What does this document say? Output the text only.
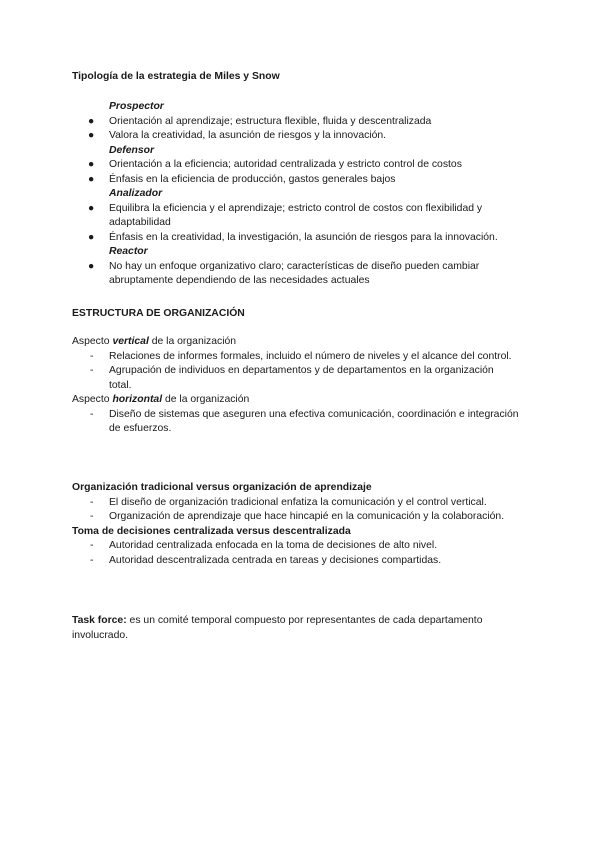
Tipología de la estrategia de Miles y Snow
Prospector
● Orientación al aprendizaje; estructura flexible, fluida y descentralizada
● Valora la creatividad, la asunción de riesgos y la innovación.
Defensor
● Orientación a la eficiencia; autoridad centralizada y estricto control de costos
● Énfasis en la eficiencia de producción, gastos generales bajos
Analizador
● Equilibra la eficiencia y el aprendizaje; estricto control de costos con flexibilidad y adaptabilidad
● Énfasis en la creatividad, la investigación, la asunción de riesgos para la innovación.
Reactor
● No hay un enfoque organizativo claro; características de diseño pueden cambiar abruptamente dependiendo de las necesidades actuales
ESTRUCTURA DE ORGANIZACIÓN
Aspecto vertical de la organización
- Relaciones de informes formales, incluido el número de niveles y el alcance del control.
- Agrupación de individuos en departamentos y de departamentos en la organización total.
Aspecto horizontal de la organización
- Diseño de sistemas que aseguren una efectiva comunicación, coordinación e integración de esfuerzos.
Organización tradicional versus organización de aprendizaje
- El diseño de organización tradicional enfatiza la comunicación y el control vertical.
- Organización de aprendizaje que hace hincapié en la comunicación y la colaboración.
Toma de decisiones centralizada versus descentralizada
- Autoridad centralizada enfocada en la toma de decisiones de alto nivel.
- Autoridad descentralizada centrada en tareas y decisiones compartidas.
Task force: es un comité temporal compuesto por representantes de cada departamento involucrado.
